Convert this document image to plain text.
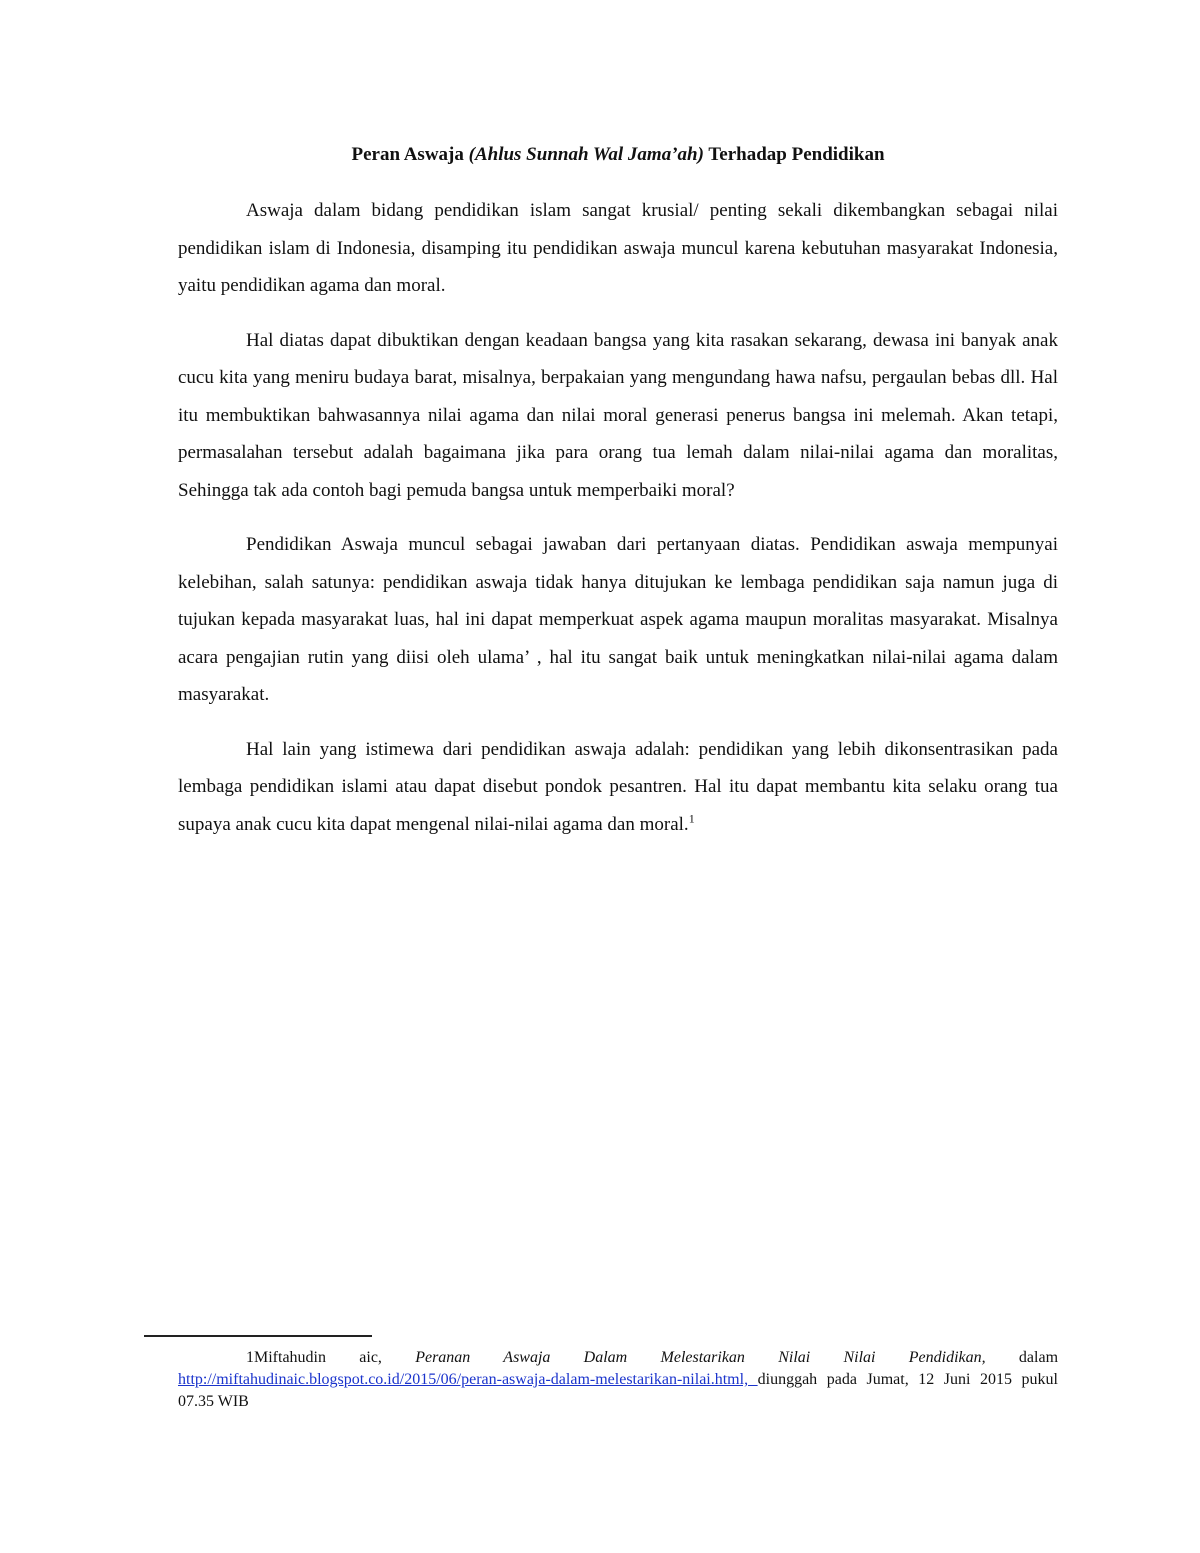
Peran Aswaja (Ahlus Sunnah Wal Jama’ah) Terhadap Pendidikan

Aswaja dalam bidang pendidikan islam sangat krusial/ penting sekali dikembangkan sebagai nilai pendidikan islam di Indonesia, disamping itu pendidikan aswaja muncul karena kebutuhan masyarakat Indonesia, yaitu pendidikan agama dan moral.

Hal diatas dapat dibuktikan dengan keadaan bangsa yang kita rasakan sekarang, dewasa ini banyak anak cucu kita yang meniru budaya barat, misalnya, berpakaian yang mengundang hawa nafsu, pergaulan bebas dll. Hal itu membuktikan bahwasannya nilai agama dan nilai moral generasi penerus bangsa ini melemah. Akan tetapi, permasalahan tersebut adalah bagaimana jika para orang tua lemah dalam nilai-nilai agama dan moralitas, Sehingga tak ada contoh bagi pemuda bangsa untuk memperbaiki moral?

Pendidikan Aswaja muncul sebagai jawaban dari pertanyaan diatas. Pendidikan aswaja mempunyai kelebihan, salah satunya: pendidikan aswaja tidak hanya ditujukan ke lembaga pendidikan saja namun juga di tujukan kepada masyarakat luas, hal ini dapat memperkuat aspek agama maupun moralitas masyarakat. Misalnya acara pengajian rutin yang diisi oleh ulama’ , hal itu sangat baik untuk meningkatkan nilai-nilai agama dalam masyarakat.

Hal lain yang istimewa dari pendidikan aswaja adalah: pendidikan yang lebih dikonsentrasikan pada lembaga pendidikan islami atau dapat disebut pondok pesantren. Hal itu dapat membantu kita selaku orang tua supaya anak cucu kita dapat mengenal nilai-nilai agama dan moral.$^1$

1Miftahudin aic, Peranan Aswaja Dalam Melestarikan Nilai Nilai Pendidikan, dalam http://miftahudinaic.blogspot.co.id/2015/06/peran-aswaja-dalam-melestarikan-nilai.html, diunggah pada Jumat, 12 Juni 2015 pukul 07.35 WIB
